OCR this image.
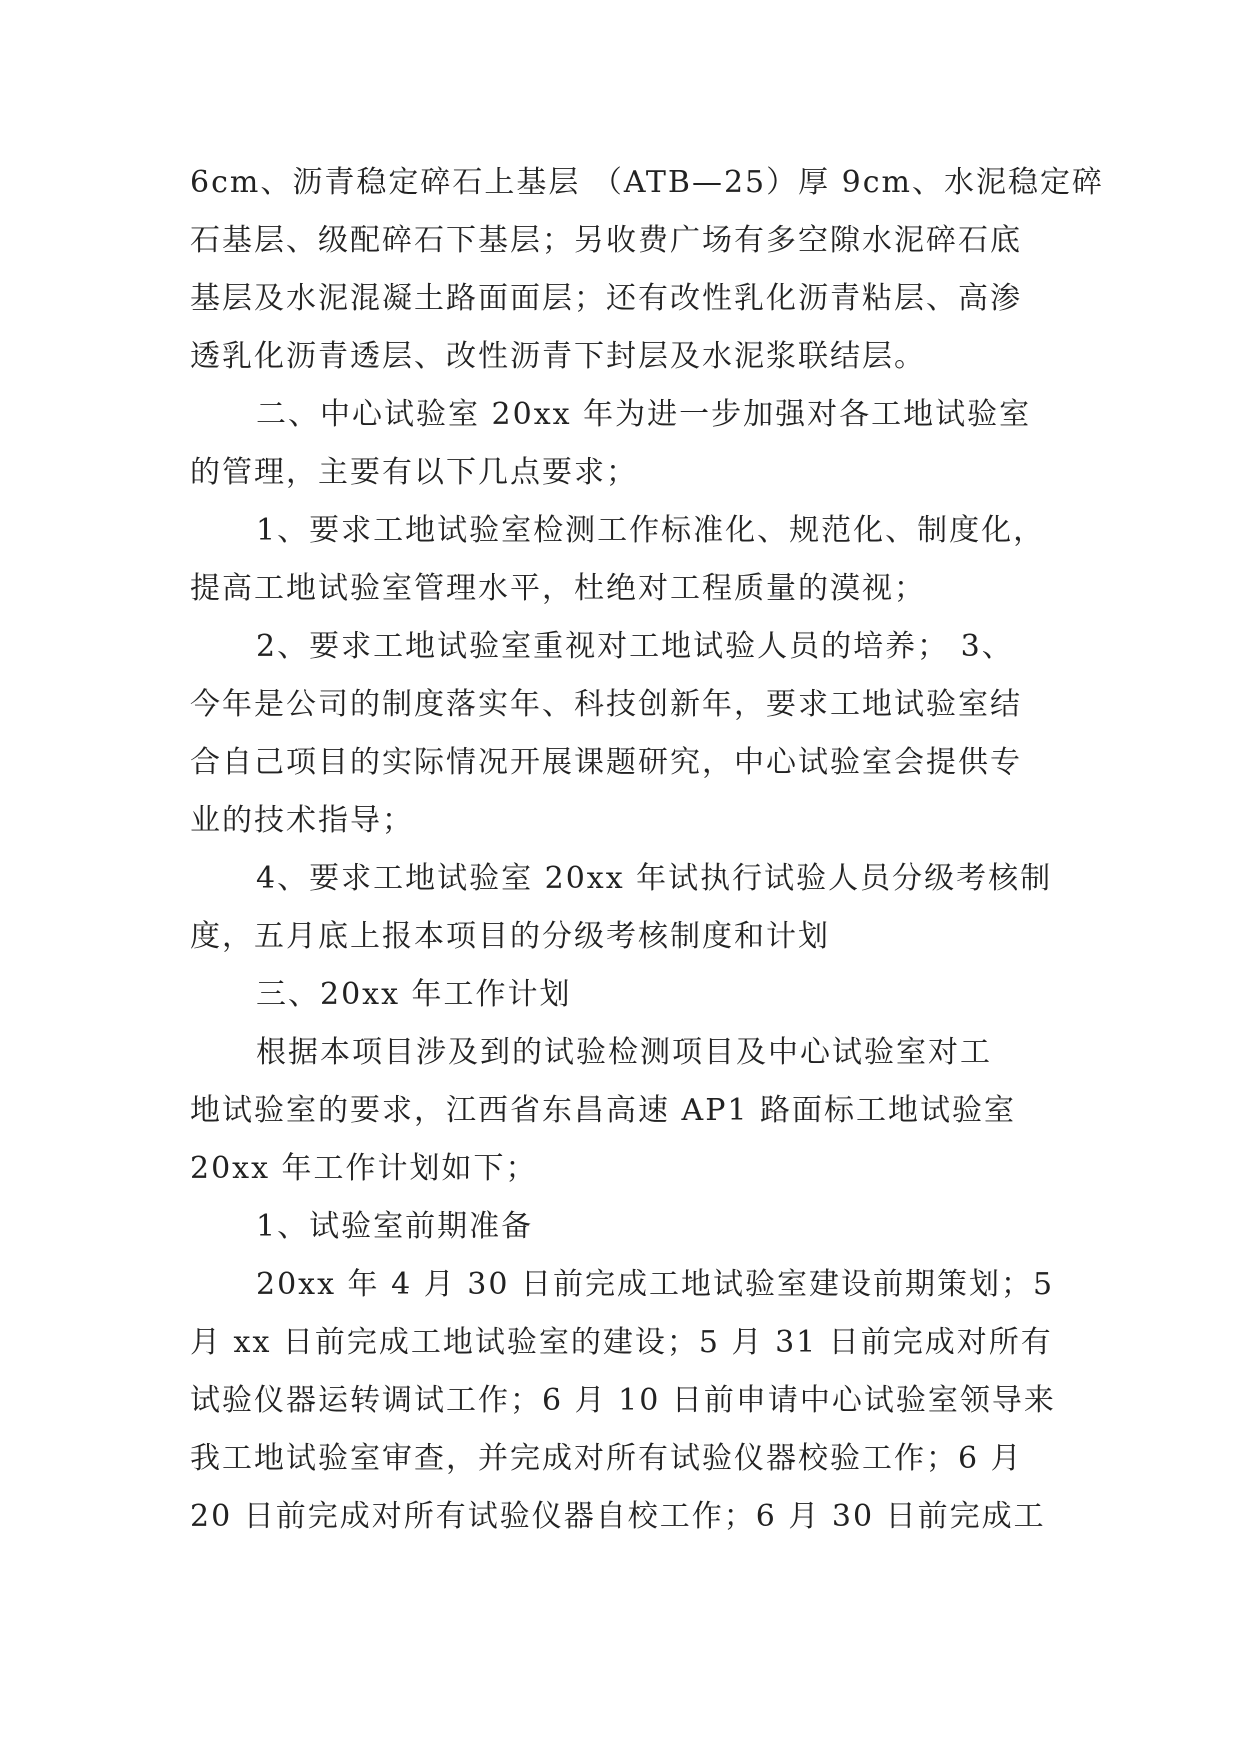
6cm、沥青稳定碎石上基层 （ATB—25）厚 9cm、水泥稳定碎
石基层、级配碎石下基层；另收费广场有多空隙水泥碎石底
基层及水泥混凝土路面面层；还有改性乳化沥青粘层、高渗
透乳化沥青透层、改性沥青下封层及水泥浆联结层。
二、中心试验室 20xx 年为进一步加强对各工地试验室
的管理，主要有以下几点要求；
1、要求工地试验室检测工作标准化、规范化、制度化，
提高工地试验室管理水平，杜绝对工程质量的漠视；
2、要求工地试验室重视对工地试验人员的培养； 3、
今年是公司的制度落实年、科技创新年，要求工地试验室结
合自己项目的实际情况开展课题研究，中心试验室会提供专
业的技术指导；
4、要求工地试验室 20xx 年试执行试验人员分级考核制
度，五月底上报本项目的分级考核制度和计划
三、20xx 年工作计划
根据本项目涉及到的试验检测项目及中心试验室对工
地试验室的要求，江西省东昌高速 AP1 路面标工地试验室
20xx 年工作计划如下；
1、试验室前期准备
20xx 年 4 月 30 日前完成工地试验室建设前期策划；5
月 xx 日前完成工地试验室的建设；5 月 31 日前完成对所有
试验仪器运转调试工作；6 月 10 日前申请中心试验室领导来
我工地试验室审查，并完成对所有试验仪器校验工作；6 月
20 日前完成对所有试验仪器自校工作；6 月 30 日前完成工
